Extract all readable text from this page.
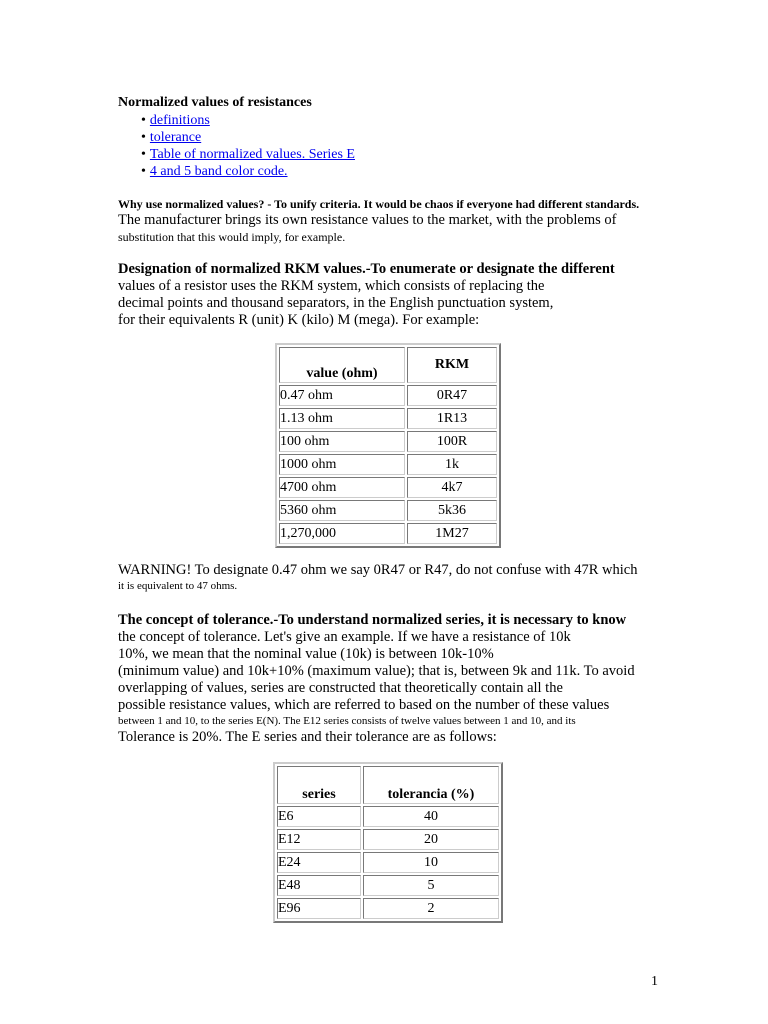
Normalized values of resistances

• definitions
• tolerance
• Table of normalized values. Series E
• 4 and 5 band color code.

Why use normalized values? - To unify criteria. It would be chaos if everyone had different standards.

The manufacturer brings its own resistance values to the market, with the problems of

substitution that this would imply, for example.

Designation of normalized RKM values.-To enumerate or designate the different

values of a resistor uses the RKM system, which consists of replacing the

decimal points and thousand separators, in the English punctuation system,

for their equivalents R (unit) K (kilo) M (mega). For example:

value (ohm)	RKM
0.47 ohm	0R47
1.13 ohm	1R13
100 ohm	100R
1000 ohm	1k
4700 ohm	4k7
5360 ohm	5k36
1,270,000	1M27

WARNING! To designate 0.47 ohm we say 0R47 or R47, do not confuse with 47R which

it is equivalent to 47 ohms.

The concept of tolerance.-To understand normalized series, it is necessary to know

the concept of tolerance. Let's give an example. If we have a resistance of 10k

10%, we mean that the nominal value (10k) is between 10k-10%

(minimum value) and 10k+10% (maximum value); that is, between 9k and 11k. To avoid

overlapping of values, series are constructed that theoretically contain all the

possible resistance values, which are referred to based on the number of these values

between 1 and 10, to the series E(N). The E12 series consists of twelve values between 1 and 10, and its

Tolerance is 20%. The E series and their tolerance are as follows:

series	tolerancia (%)
E6	40
E12	20
E24	10
E48	5
E96	2
1
